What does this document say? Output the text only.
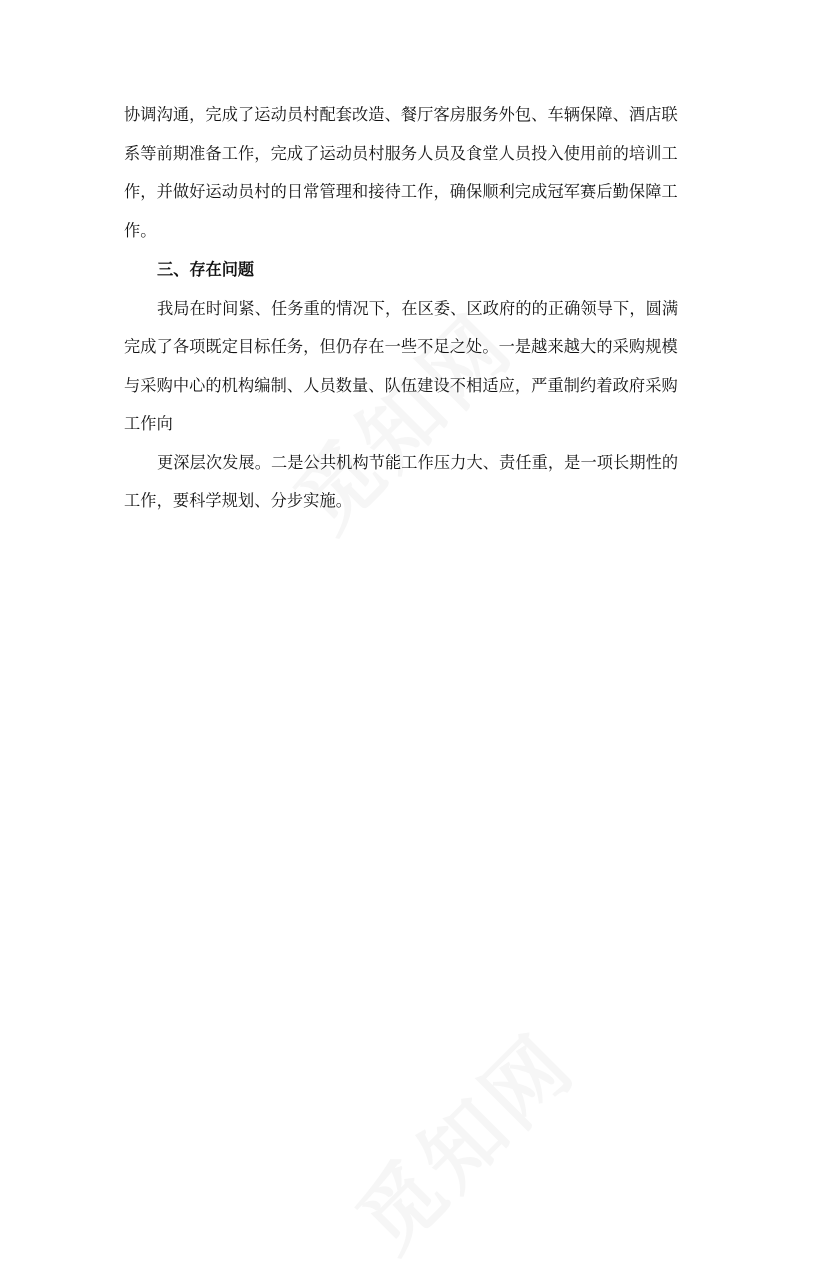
协调沟通，完成了运动员村配套改造、餐厅客房服务外包、车辆保障、酒店联
系等前期准备工作，完成了运动员村服务人员及食堂人员投入使用前的培训工
作，并做好运动员村的日常管理和接待工作，确保顺利完成冠军赛后勤保障工
作。

三、存在问题

我局在时间紧、任务重的情况下，在区委、区政府的的正确领导下，圆满
完成了各项既定目标任务，但仍存在一些不足之处。一是越来越大的采购规模
与采购中心的机构编制、人员数量、队伍建设不相适应，严重制约着政府采购
工作向

更深层次发展。二是公共机构节能工作压力大、责任重，是一项长期性的
工作，要科学规划、分步实施。
